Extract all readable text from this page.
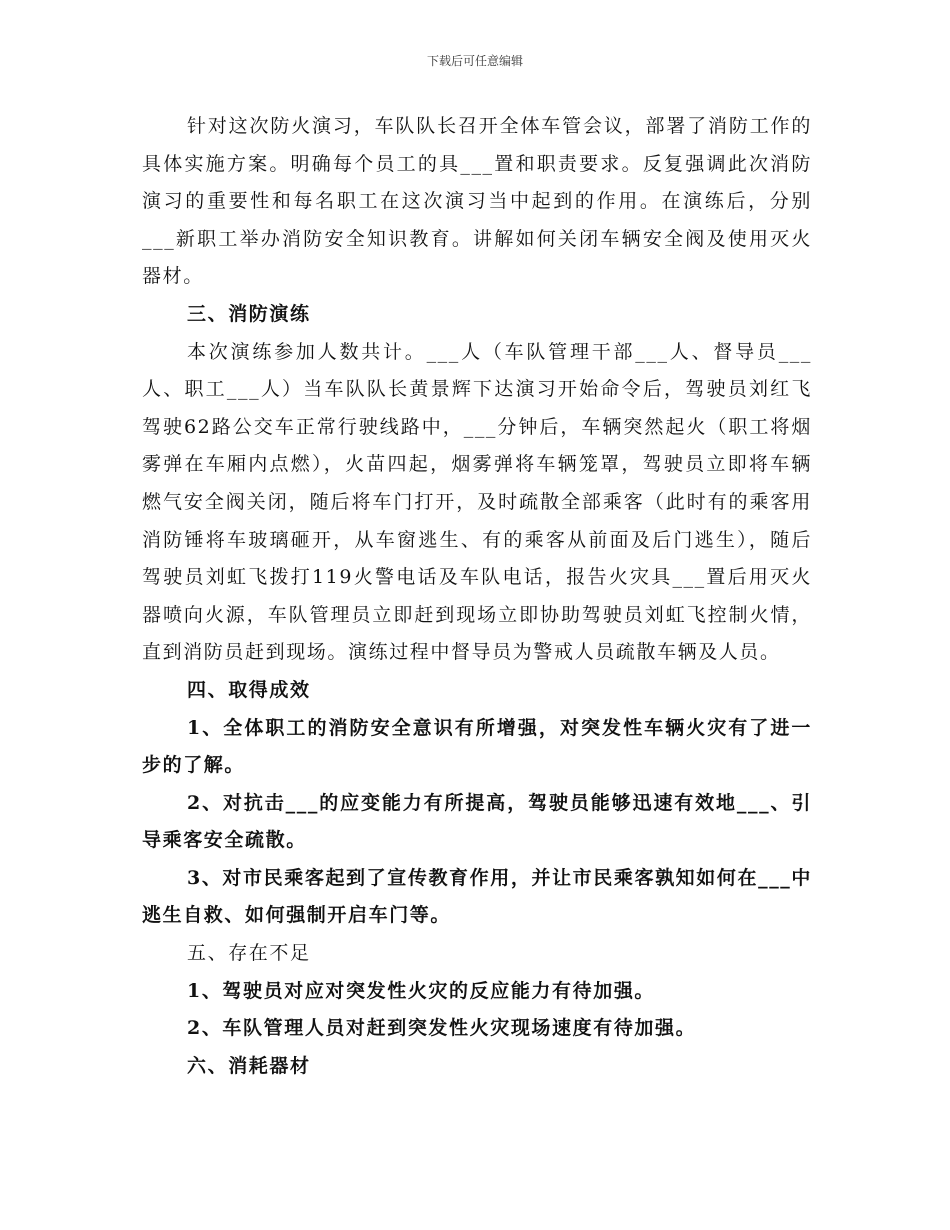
下载后可任意编辑

针对这次防火演习，车队队长召开全体车管会议，部署了消防工作的具体实施方案。明确每个员工的具___置和职责要求。反复强调此次消防演习的重要性和每名职工在这次演习当中起到的作用。在演练后，分别___新职工举办消防安全知识教育。讲解如何关闭车辆安全阀及使用灭火器材。

三、消防演练

本次演练参加人数共计。___人（车队管理干部___人、督导员___人、职工___人）当车队队长黄景辉下达演习开始命令后，驾驶员刘红飞驾驶62路公交车正常行驶线路中，___分钟后，车辆突然起火（职工将烟雾弹在车厢内点燃），火苗四起，烟雾弹将车辆笼罩，驾驶员立即将车辆燃气安全阀关闭，随后将车门打开，及时疏散全部乘客（此时有的乘客用消防锤将车玻璃砸开，从车窗逃生、有的乘客从前面及后门逃生），随后驾驶员刘虹飞拨打119火警电话及车队电话，报告火灾具___置后用灭火器喷向火源，车队管理员立即赶到现场立即协助驾驶员刘虹飞控制火情，直到消防员赶到现场。演练过程中督导员为警戒人员疏散车辆及人员。

四、取得成效

1、全体职工的消防安全意识有所增强，对突发性车辆火灾有了进一步的了解。

2、对抗击___的应变能力有所提高，驾驶员能够迅速有效地___、引导乘客安全疏散。

3、对市民乘客起到了宣传教育作用，并让市民乘客孰知如何在___中逃生自救、如何强制开启车门等。

五、存在不足

1、驾驶员对应对突发性火灾的反应能力有待加强。

2、车队管理人员对赶到突发性火灾现场速度有待加强。

六、消耗器材
